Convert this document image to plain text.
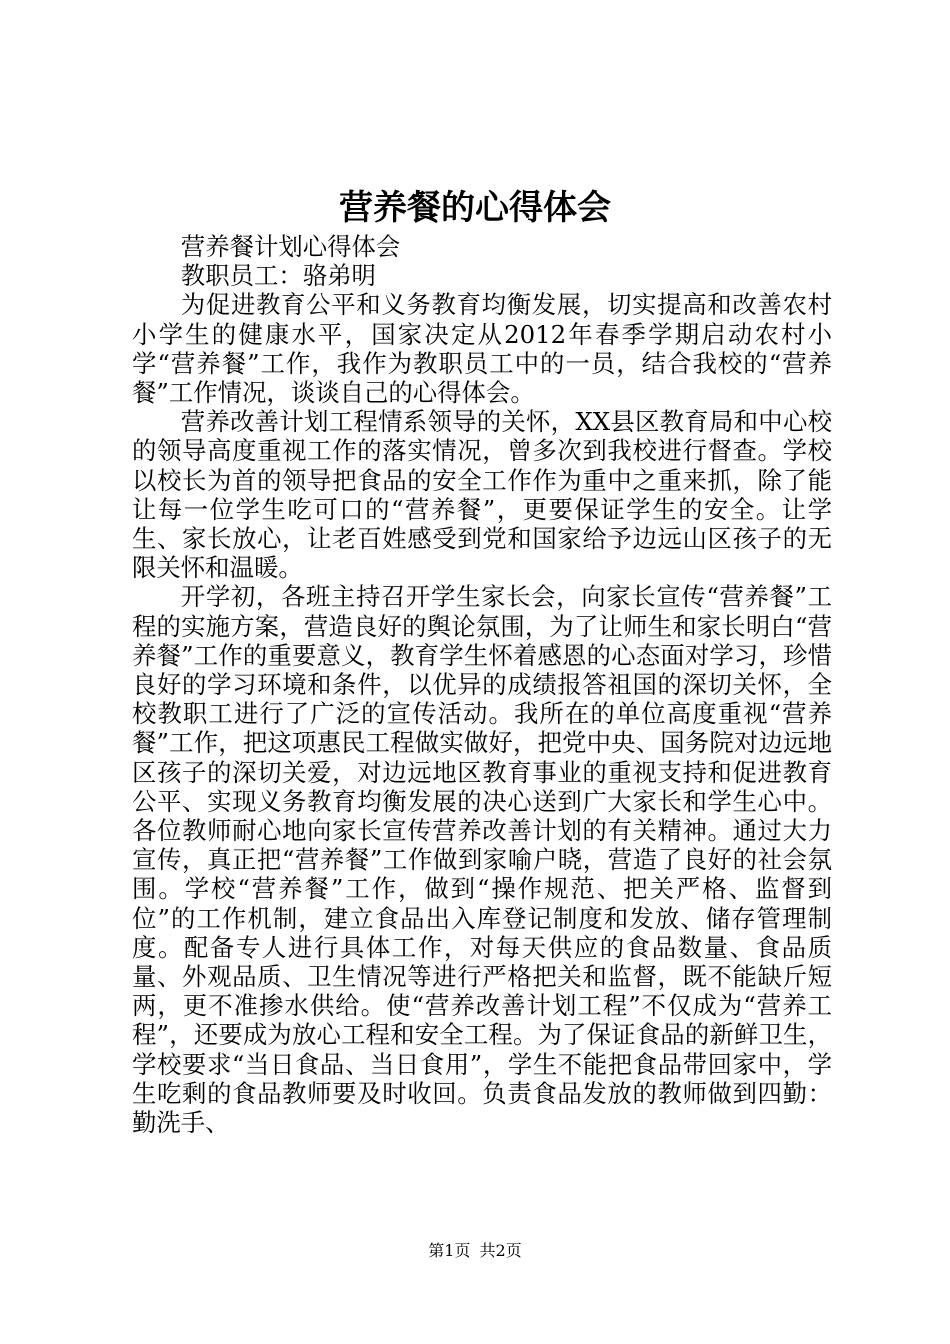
营养餐的心得体会

营养餐计划心得体会

教职员工：骆弟明

为促进教育公平和义务教育均衡发展，切实提高和改善农村小学生的健康水平，国家决定从2012年春季学期启动农村小学“营养餐”工作，我作为教职员工中的一员，结合我校的“营养餐”工作情况，谈谈自己的心得体会。

营养改善计划工程情系领导的关怀，XX县区教育局和中心校的领导高度重视工作的落实情况，曾多次到我校进行督查。学校以校长为首的领导把食品的安全工作作为重中之重来抓，除了能让每一位学生吃可口的“营养餐”，更要保证学生的安全。让学生、家长放心，让老百姓感受到党和国家给予边远山区孩子的无限关怀和温暖。

开学初，各班主持召开学生家长会，向家长宣传“营养餐”工程的实施方案，营造良好的舆论氛围，为了让师生和家长明白“营养餐”工作的重要意义，教育学生怀着感恩的心态面对学习，珍惜良好的学习环境和条件，以优异的成绩报答祖国的深切关怀，全校教职工进行了广泛的宣传活动。我所在的单位高度重视“营养餐”工作，把这项惠民工程做实做好，把党中央、国务院对边远地区孩子的深切关爱，对边远地区教育事业的重视支持和促进教育公平、实现义务教育均衡发展的决心送到广大家长和学生心中。各位教师耐心地向家长宣传营养改善计划的有关精神。通过大力宣传，真正把“营养餐”工作做到家喻户晓，营造了良好的社会氛围。学校“营养餐”工作，做到“操作规范、把关严格、监督到位”的工作机制，建立食品出入库登记制度和发放、储存管理制度。配备专人进行具体工作，对每天供应的食品数量、食品质量、外观品质、卫生情况等进行严格把关和监督，既不能缺斤短两，更不准掺水供给。使“营养改善计划工程”不仅成为“营养工程”，还要成为放心工程和安全工程。为了保证食品的新鲜卫生，学校要求“当日食品、当日食用”，学生不能把食品带回家中，学生吃剩的食品教师要及时收回。负责食品发放的教师做到四勤：勤洗手、

第1页 共2页
